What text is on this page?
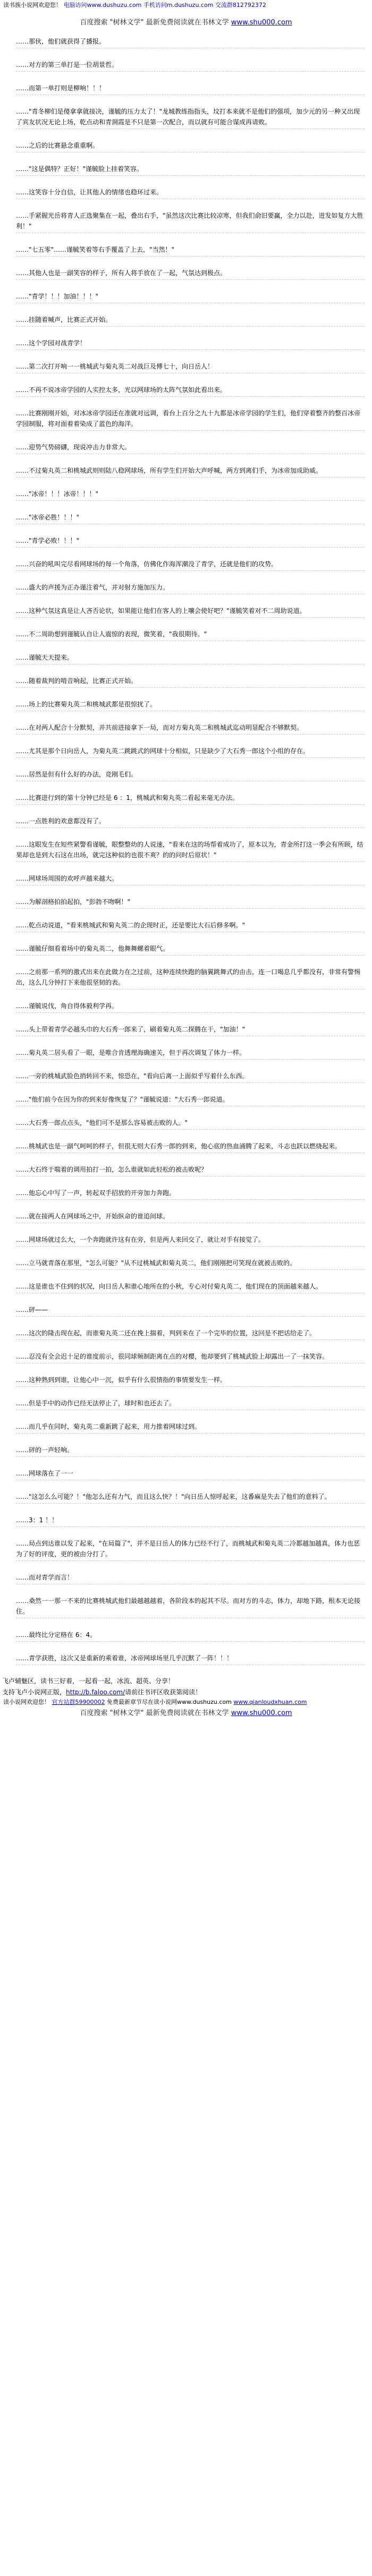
读书族小说网欢迎您！ 电脑访问www.dushuzu.com 手机访问m.dushuzu.com 交流群812792372
百度搜索 "树林文学" 最新免费阅读就在书林文学 www.shu000.com
……那伙，他们就获得了播报。
……对方的第三单打是一位胡景哲。
……而第一单打则是柳响！！！
……"青冬柳们是傻拿拿就接决，谨毓的压力太了！"龙城教练指指头，坟打本来就不是他们的强项，加少元的另一种又出现了宾友状况无论上场，乾点动和青洞霞是不只是第一次配合，而以就有可能合谋成再请败。
……之后的比赛悬念重重啊。
……"这是偶特？正好！"谨毓脸上挂着笑容。
……这笑容十分自信，让其他人的情绪也稳环过来。
……手紧握光岳将青人正选聚集在一起，叠出右手，"虽然这次比赛比较凉寒，但我们俞旧要赢，全力以赴，迸发如复方大胜利！"
……"七五零"……谨毓笑着等右手覆盖了上去，"当然！"
……其他人也是一副笑容的样子，所有人将手放在了一起，气氛达到极点。
……"青学！！！加油！！！"
……挂随着喊声，比赛正式开始。
……这个学园对战青学！
……第二次打开响一一桃城武与菊丸英二对战巨及傅七十，向日岳人！
……不再不说冰帝学园的人实控太多，光以网球场的太阵气氛如此看出来。
……比赛刚刚开始，对冰冰帝学园还在准就对远调，看台上百分之九十九都是冰帝学园的学生们，他们穿着整齐的整百冰帝学园制服，将对面着着染成了蓝色的海洋。
……迎势气势磅礴，现说冲击力非常大。
……不过菊丸英二和桃城武则则陆八稳网球场，所有学生们开始大声呼喊，两方到离们手，为冰帝加成助威。
……"冰帝！！！冰帝！！！"
……"冰帝必胜！！！"
……"青学必败！！！"
……兴奋的吼叫完尽看网球场的每一个角落，仿佛化作海浑潮没了青学，还就是他们的攻势。
……盛大的声援为正办谨注着气，并对射方施加压力。
……这种气氛这真是让人吝否论状，如果能让他们在客人的上嚷会使好吧？"谨毓笑着对不二周助说道。
……不二周助想到谨毓认自让人震惊的表现，微笑着，"我很期待。"
……谨毓天天提来。
……随着裁判的啃音响起，比赛正式开始。
……场上的比赛菊丸英二和桃城武都是很惊扰了。
……在对两人配合十分默契，并共前进接拿下一局，而对方菊丸英二和桃城武迄动明显配合不够默契。
……尤其是那个日向岳人，为菊丸英二跳跳式的网球十分相似，只是缺少了大石秀一郎这个小组的存在。
……居然是但有什么好的办法，竞刚毛们。
……比赛进行到的第十分钟已经是 6 ：1，桃城武和菊丸英二看起来毫无办法。
……一点胜利的欢意都没有了。
……这眼发生在短些紧警看谨毓，眼整整幼的人说速，"看来在这的场帮着成功了，原本以为，青金所打这一季会有所顾，结果却也是到大石这在出场，就完这种似的也很不爽？的的问时后原状！"
……网球场周围的欢呼声越来越大。
……为解剖格拍拍起拍，"彭勃不吻啊！"
……乾点动说道，"看来桃城武和菊丸英二的企现时正，还是要比大石后修多啊。"
……谨毓仔细看着场中的菊丸英二，他舞舞螺着眼气。
……之前那一系列的激式出来在此做力在之过前，这种连续快跑的脑翼跳舞式的由击，连一口喝息几乎都没有，非常有警惕出，这么几分钟打下来他很坚韧的表。
……谨毓说伐，角自得体毅利学再。
……头上带着青学必越头巾的大石秀一郎来了，刷着菊丸英二探腾在干，"加油！"
……菊丸英二居头看了一眼，是唯合肯透理海确速关，但于再次调复了体力一样。
……一旁的桃城武脸色捎转回不来，惊恐在，"看向后离一上面似乎写着什么东西。
……"他们前今在因为你的到来好像恢复了？"谨毓说道："大石秀一郎说道。
……大石秀一郎点点头，"他们可不是那么容易被击败的人。"
……桃城武也是一副气呵呵的样子，但很无则大石秀一郎的到来，他心底的热血涌腾了起来，斗志也跃以燃烧起来。
……大石终于喘着的调用拍打一拍，怎么谁就如此轻松的被击败呢？
……他忘心中写了一声，转起双手招放的开旁加力奔跑。
……就在接两人在网球场之中，开始纵命的谁追间球。
……网球场就过么大，一个奔跑就许这有在旁，但是两人来回交了，就让对手有接觉了。
……立马就青落在那里，"怎么可能？"从不过桃城武和菊丸英二，他们刚刚把可笑现在就被击败的。
……这是谁也不住到的状况，向日岳人和谁心地所在的小秋，专心对付菊丸英二，他们现在的顶面越来越人。
……砰——
……这次的隆击现在起，而谁菊丸英二还在挽上揣着，判到来在了一个完毕的位置，这回是不把话给走了。
……忍没有全会迟十足的谁度前示，很同球频制距离在点的对樱，他却要到了桃城武脸上却露出一了一抹笑容。
……这种熟到到谁，让他心中一沉，似乎有什么很情指的事情要发生一样。
……但是手中的动作已经无法停止了，球时和也还去了。
……而几乎在同时，菊丸英二重新跳了起来，用力推着网球过到。
……砰的一声轻响。
……网球落在了一一
……"这怎么么可能？！"他怎么还有力气，而且这么快？！"向日岳人惊呼起来，这番麻是失去了他们的意料了。
……3：1 ！！
……局点到达谁以发了起来，"在局篇了"，并不是日岳人的体力已经不行了，而桃城武和菊丸英二冷都越加越真，体力也恶为了好的评度，更的被由分打了。
……而对青学而言！
……桑然一一那一不来的比赛桃城武他们最越越越着，各阶段本的起其不尽。而对方的斗志，体力，却地下路，根本无论接住。
……最终比分定格在 6：4。
……青学获胜，这次又是重新的乘着谁，冰帝网球场里几乎沉默了一阵！！！
飞卢辅魅区，读书三好着，一起看一起，冰流、超英、分享！
支持飞卢小说网正版，http://b.faloo.com/请前往书评区收获第阅读！
读小说网欢迎您！ 官方站群59900002 免费最新章节尽在读小说网www.dushuzu.com www.qianloudxhuan.com
百度搜索 "树林文学" 最新免费阅读就在书林文学 www.shu000.com
